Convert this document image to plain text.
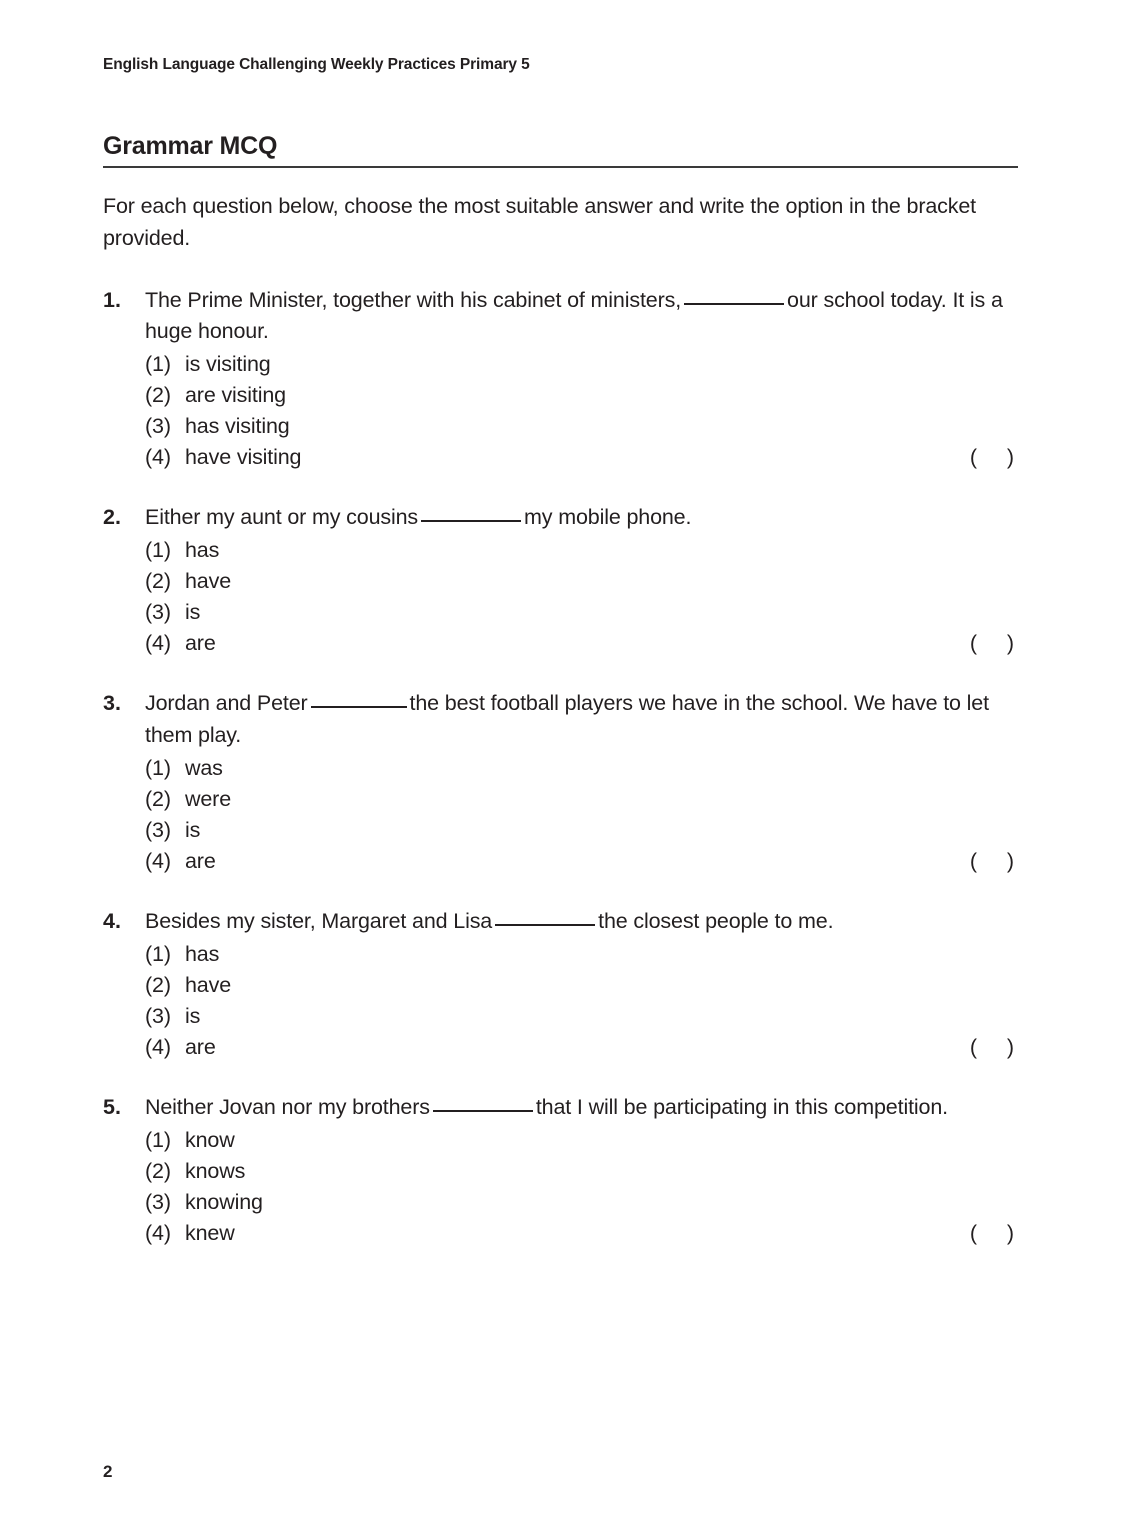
English Language Challenging Weekly Practices Primary 5
Grammar MCQ

For each question below, choose the most suitable answer and write the option in the bracket provided.

1.	The Prime Minister, together with his cabinet of ministers,	our school today. It is a huge honour.
(1) is visiting
(2) are visiting
(3) has visiting
(4) have visiting	(     )
2.	Either my aunt or my cousins	my mobile phone.
(1) has
(2) have
(3) is
(4) are	(     )
3.	Jordan and Peter	the best football players we have in the school. We have to let them play.
(1) was
(2) were
(3) is
(4) are	(     )
4.	Besides my sister, Margaret and Lisa	the closest people to me.
(1) has
(2) have
(3) is
(4) are	(     )
5.	Neither Jovan nor my brothers	that I will be participating in this competition.
(1) know
(2) knows
(3) knowing
(4) knew	(     )
2
